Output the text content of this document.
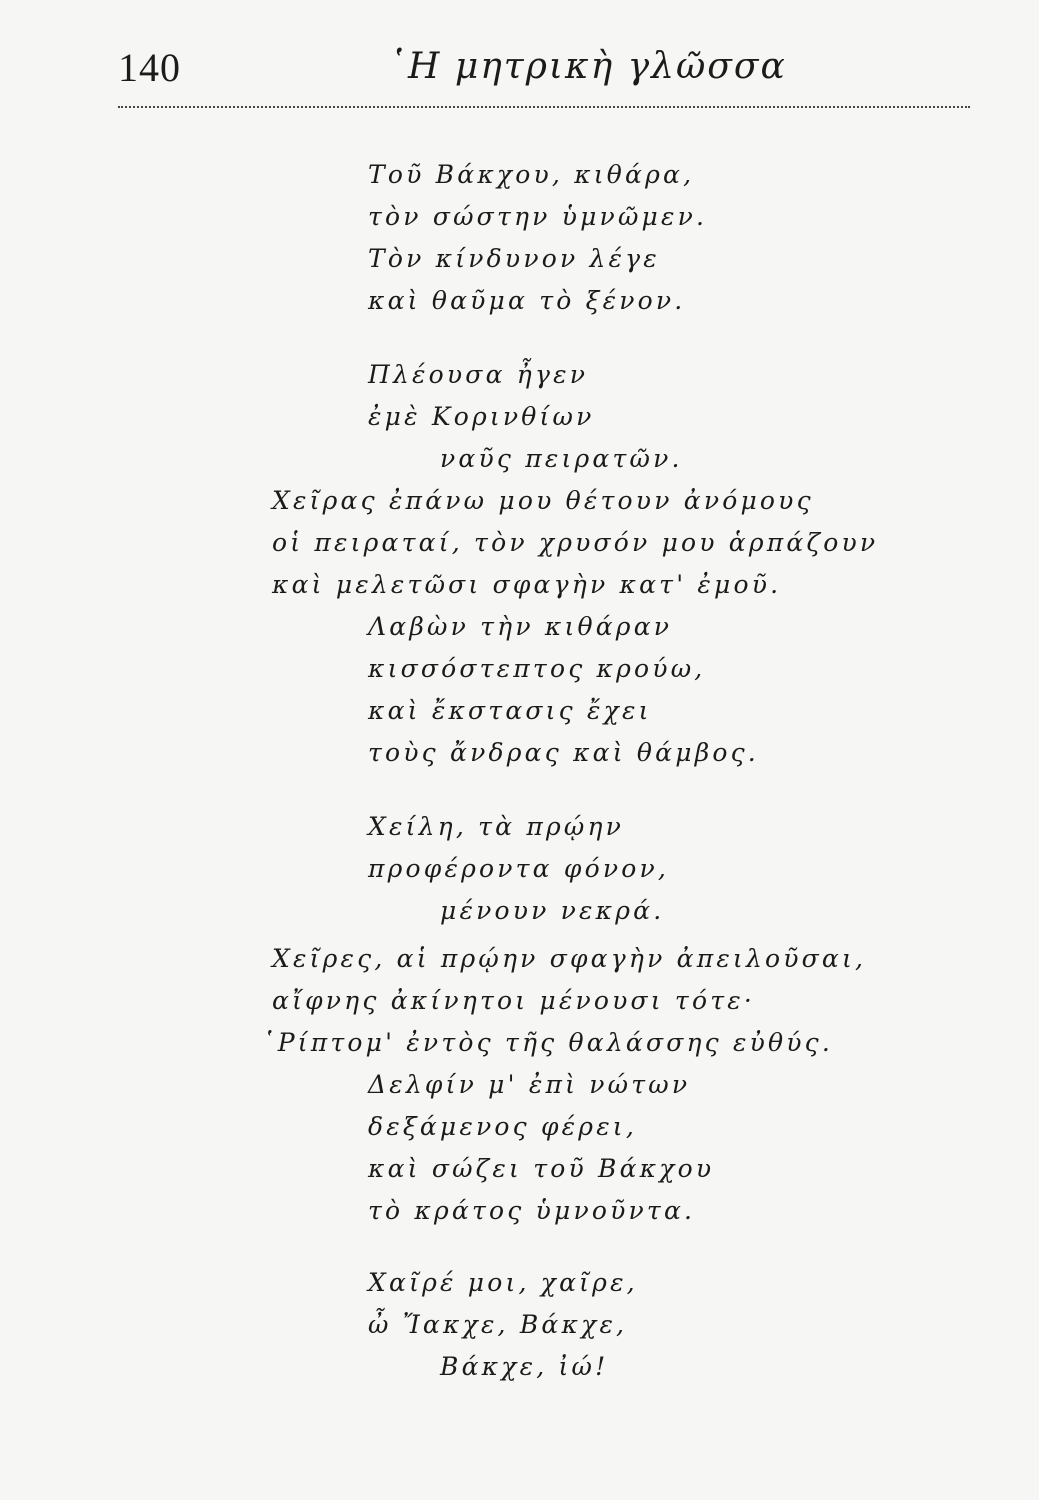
140	῾Η μητρικὴ γλῶσσα
Τοῦ Βάκχου, κιθάρα,
τὸν σώστην ὑμνῶμεν.
Τὸν κίνδυνον λέγε
καὶ θαῦμα τὸ ξένον.
Πλέουσα ἦγεν
ἐμὲ Κορινθίων
ναῦς πειρατῶν.
Χεῖρας ἐπάνω μου θέτουν ἀνόμους
οἱ πειραταί, τὸν χρυσόν μου ἁρπάζουν
καὶ μελετῶσι σφαγὴν κατ' ἐμοῦ.
Λαβὼν τὴν κιθάραν
κισσόστεπτος κρούω,
καὶ ἔκστασις ἔχει
τοὺς ἄνδρας καὶ θάμβος.
Χείλη, τὰ πρῴην
προφέροντα φόνον,
μένουν νεκρά.
Χεῖρες, αἱ πρῴην σφαγὴν ἀπειλοῦσαι,
αἴφνης ἀκίνητοι μένουσι τότε·
῾Ρίπτομ' ἐντὸς τῆς θαλάσσης εὐθύς.
Δελφίν μ' ἐπὶ νώτων
δεξάμενος φέρει,
καὶ σώζει τοῦ Βάκχου
τὸ κράτος ὑμνοῦντα.
Χαῖρέ μοι, χαῖρε,
ὦ Ἴακχε, Βάκχε,
Βάκχε, ἰώ!
